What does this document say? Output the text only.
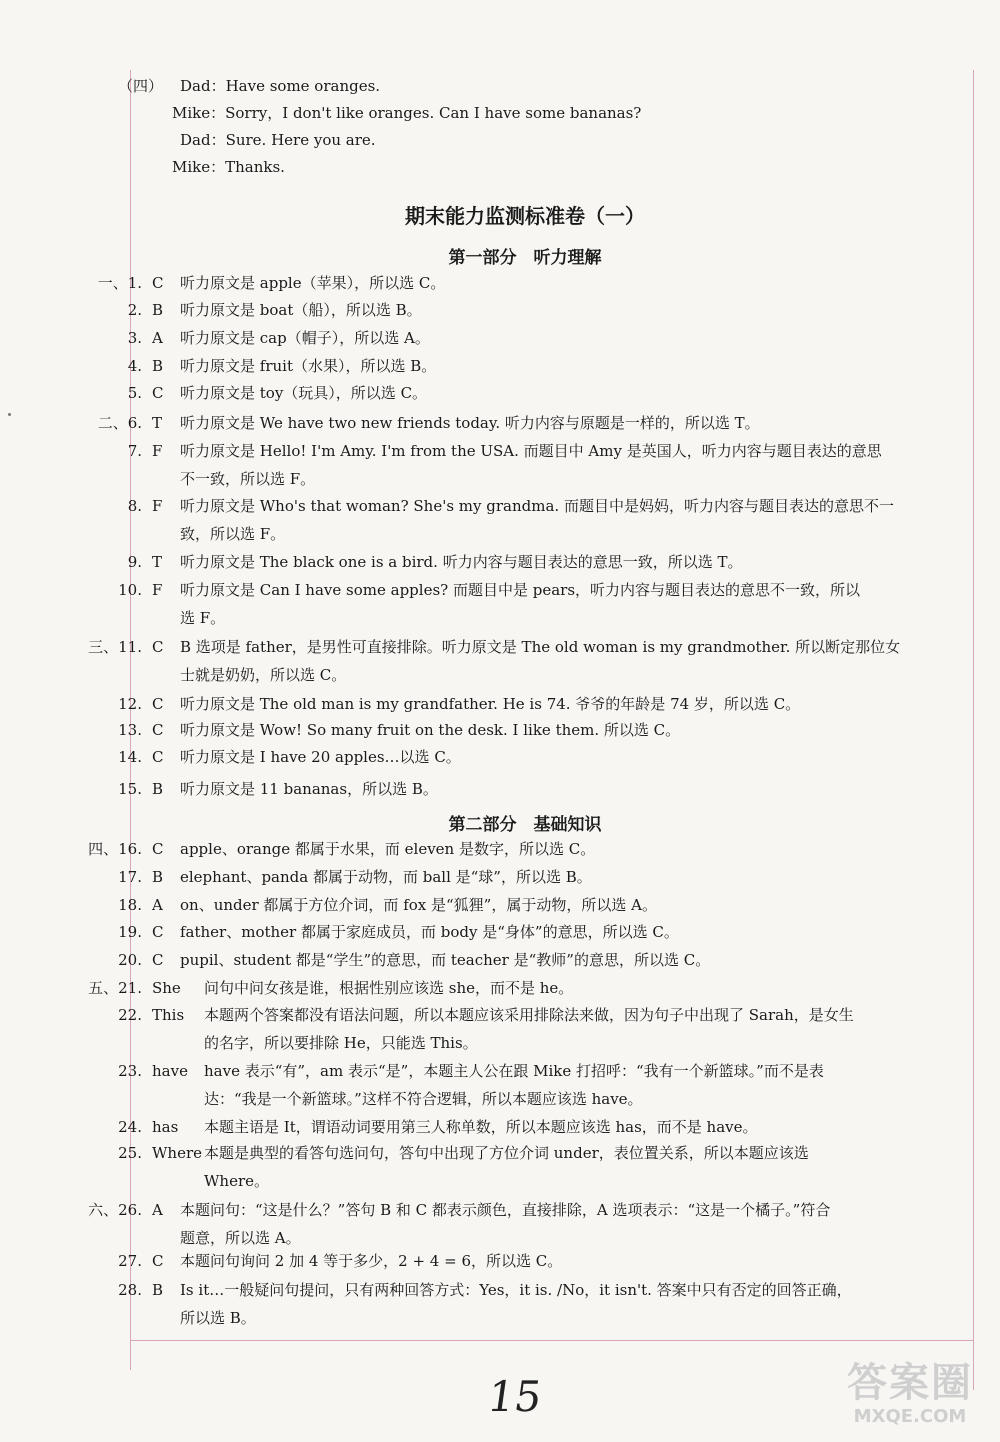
（四） Dad：Have some oranges.
Mike：Sorry，I don't like oranges. Can I have some bananas?
Dad：Sure. Here you are.
Mike：Thanks.
期末能力监测标准卷（一）
第一部分　听力理解
第二部分　基础知识
一、1. C	听力原文是 apple（苹果），所以选 C。
2. B	听力原文是 boat（船），所以选 B。
3. A	听力原文是 cap（帽子），所以选 A。
4. B	听力原文是 fruit（水果），所以选 B。
5. C	听力原文是 toy（玩具），所以选 C。
二、6. T	听力原文是 We have two new friends today. 听力内容与原题是一样的，所以选 T。
7. F	听力原文是 Hello! I'm Amy. I'm from the USA. 而题目中 Amy 是英国人，听力内容与题目表达的意思
不一致，所以选 F。
8. F	听力原文是 Who's that woman? She's my grandma. 而题目中是妈妈，听力内容与题目表达的意思不一
致，所以选 F。
9. T	听力原文是 The black one is a bird. 听力内容与题目表达的意思一致，所以选 T。
10. F	听力原文是 Can I have some apples? 而题目中是 pears，听力内容与题目表达的意思不一致，所以
选 F。
三、11. C	B 选项是 father，是男性可直接排除。听力原文是 The old woman is my grandmother. 所以断定那位女
士就是奶奶，所以选 C。
12. C	听力原文是 The old man is my grandfather. He is 74. 爷爷的年龄是 74 岁，所以选 C。
13. C	听力原文是 Wow! So many fruit on the desk. I like them. 所以选 C。
14. C	听力原文是 I have 20 apples…以选 C。
15. B	听力原文是 11 bananas，所以选 B。
四、16. C	apple、orange 都属于水果，而 eleven 是数字，所以选 C。
17. B	elephant、panda 都属于动物，而 ball 是“球”，所以选 B。
18. A	on、under 都属于方位介词，而 fox 是“狐狸”，属于动物，所以选 A。
19. C	father、mother 都属于家庭成员，而 body 是“身体”的意思，所以选 C。
20. C	pupil、student 都是“学生”的意思，而 teacher 是“教师”的意思，所以选 C。
五、21. She	问句中问女孩是谁，根据性别应该选 she，而不是 he。
22. This	本题两个答案都没有语法问题，所以本题应该采用排除法来做，因为句子中出现了 Sarah，是女生
的名字，所以要排除 He，只能选 This。
23. have	have 表示“有”，am 表示“是”，本题主人公在跟 Mike 打招呼：“我有一个新篮球。”而不是表
达：“我是一个新篮球。”这样不符合逻辑，所以本题应该选 have。
24. has	本题主语是 It，谓语动词要用第三人称单数，所以本题应该选 has，而不是 have。
25. Where 本题是典型的看答句选问句，答句中出现了方位介词 under，表位置关系，所以本题应该选
Where。
六、26. A	本题问句：“这是什么？”答句 B 和 C 都表示颜色，直接排除，A 选项表示：“这是一个橘子。”符合
题意，所以选 A。
27. C	本题问句询问 2 加 4 等于多少，2 + 4 = 6，所以选 C。
28. B	Is it…一般疑问句提问，只有两种回答方式：Yes，it is. /No，it isn't. 答案中只有否定的回答正确，
所以选 B。
15	答案圈
MXQE.COM
